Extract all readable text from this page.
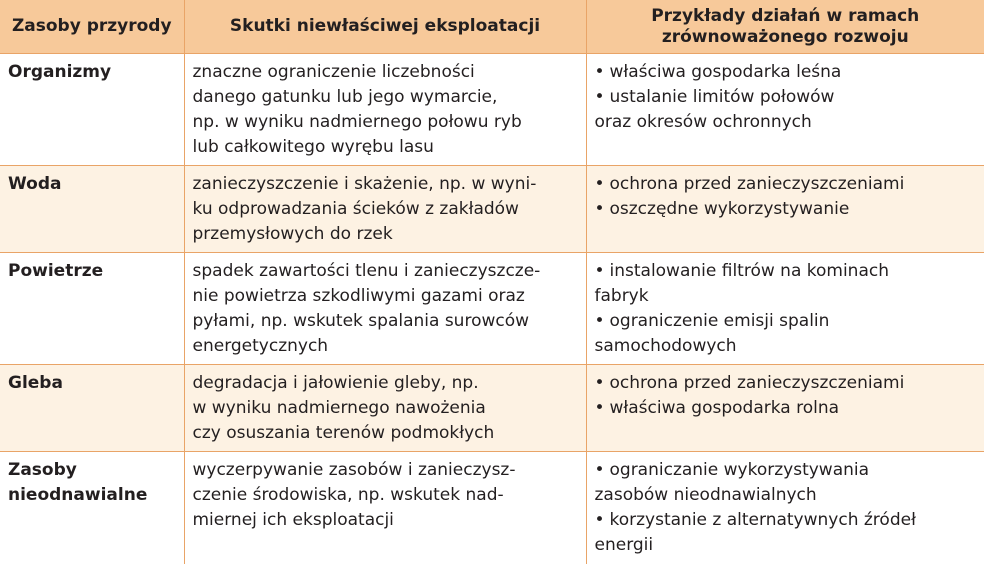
Zasoby przyrody	Skutki niewłaściwej eksploatacji	Przykłady działań w ramach
zrównoważonego rozwoju

Organizmy	znaczne ograniczenie liczebności
danego gatunku lub jego wymarcie,
np. w wyniku nadmiernego połowu ryb
lub całkowitego wyrębu lasu	• właściwa gospodarka leśna
• ustalanie limitów połowów
oraz okresów ochronnych

Woda	zanieczyszczenie i skażenie, np. w wyni-
ku odprowadzania ścieków z zakładów
przemysłowych do rzek	• ochrona przed zanieczyszczeniami
• oszczędne wykorzystywanie

Powietrze	spadek zawartości tlenu i zanieczyszcze-
nie powietrza szkodliwymi gazami oraz
pyłami, np. wskutek spalania surowców
energetycznych	• instalowanie filtrów na kominach
fabryk
• ograniczenie emisji spalin
samochodowych

Gleba	degradacja i jałowienie gleby, np.
w wyniku nadmiernego nawożenia
czy osuszania terenów podmokłych	• ochrona przed zanieczyszczeniami
• właściwa gospodarka rolna

Zasoby
nieodnawialne	wyczerpywanie zasobów i zanieczysz-
czenie środowiska, np. wskutek nad-
miernej ich eksploatacji	• ograniczanie wykorzystywania
zasobów nieodnawialnych
• korzystanie z alternatywnych źródeł
energii
